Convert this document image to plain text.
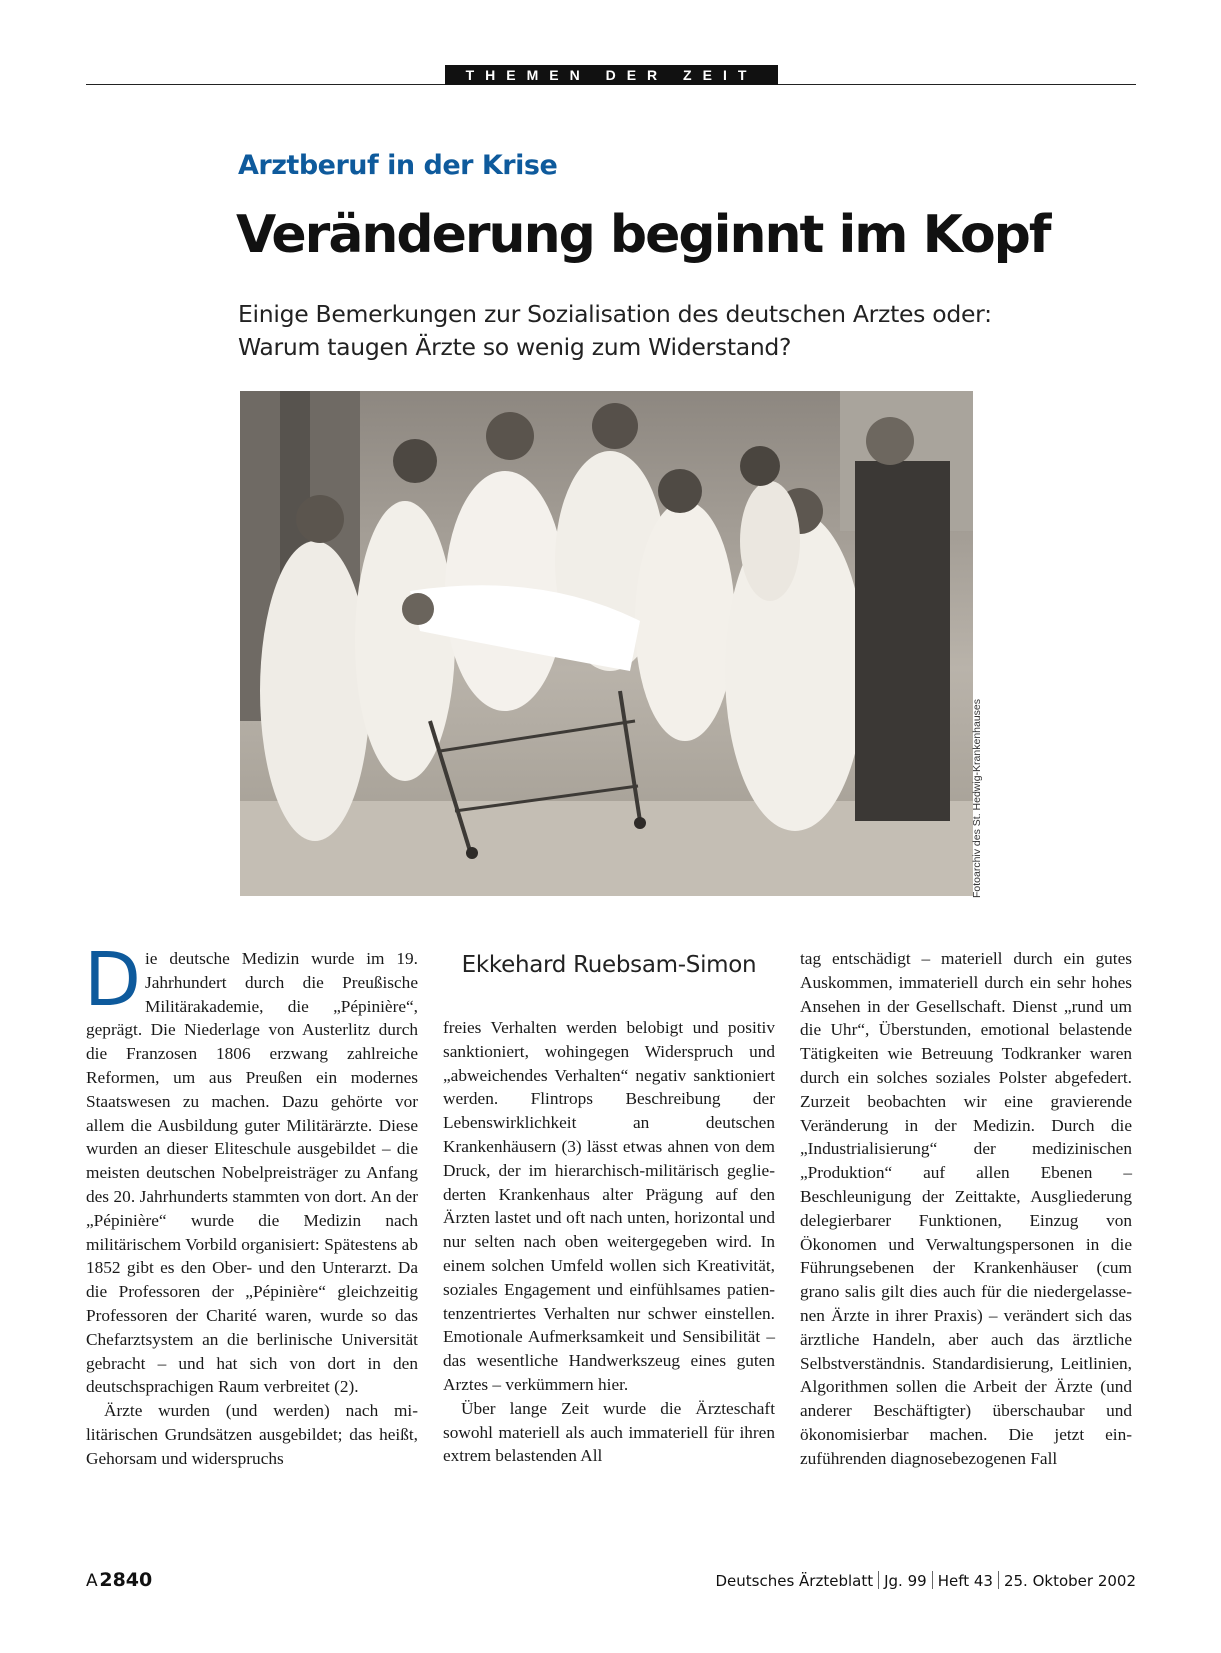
THEMEN DER ZEIT
Arztberuf in der Krise
Veränderung beginnt im Kopf
Einige Bemerkungen zur Sozialisation des deutschen Arztes oder:
Warum taugen Ärzte so wenig zum Widerstand?
Fotoarchiv des St. Hedwig-Krankenhauses

Die deutsche Medizin wurde im 19. Jahrhundert durch die Preußische Militärakademie, die „Pépinière“, geprägt. Die Niederlage von Austerlitz durch die Franzosen 1806 erzwang zahlreiche Reformen, um aus Preußen ein modernes Staatswesen zu machen. Dazu gehörte vor allem die Ausbildung guter Militärärzte. Diese wurden an dieser Eliteschule ausgebildet – die meisten deutschen Nobelpreisträger zu Anfang des 20. Jahrhunderts stammten von dort. An der „Pépinière“ wurde die Medizin nach militärischem Vorbild organisiert: Spätestens ab 1852 gibt es den Ober- und den Unterarzt. Da die Professoren der „Pépinière“ gleichzeitig Professoren der Charité waren, wurde so das Chefarztsystem an die berlinische Universität gebracht – und hat sich von dort in den deutschsprachigen Raum verbreitet (2).

Ärzte wurden (und werden) nach militärischen Grundsätzen ausgebildet; das heißt, Gehorsam und widerspruchs

Ekkehard Ruebsam-Simon

freies Verhalten werden belobigt und positiv sanktioniert, wohingegen Widerspruch und „abweichendes Verhalten“ negativ sanktioniert werden. Flintrops Beschreibung der Lebenswirklichkeit an deutschen Krankenhäusern (3) lässt etwas ahnen von dem Druck, der im hierarchisch-militärisch gegliederten Krankenhaus alter Prägung auf den Ärzten lastet und oft nach unten, horizontal und nur selten nach oben weitergegeben wird. In einem solchen Umfeld wollen sich Kreativität, soziales Engagement und einfühlsames patientenzentriertes Verhalten nur schwer einstellen. Emotionale Aufmerksamkeit und Sensibilität – das wesentliche Handwerkszeug eines guten Arztes – verkümmern hier.

Über lange Zeit wurde die Ärzteschaft sowohl materiell als auch immateriell für ihren extrem belastenden All

tag entschädigt – materiell durch ein gutes Auskommen, immateriell durch ein sehr hohes Ansehen in der Gesellschaft. Dienst „rund um die Uhr“, Überstunden, emotional belastende Tätigkeiten wie Betreuung Todkranker waren durch ein solches soziales Polster abgefedert. Zurzeit beobachten wir eine gravierende Veränderung in der Medizin. Durch die „Industrialisierung“ der medizinischen „Produktion“ auf allen Ebenen – Beschleunigung der Zeittakte, Ausgliederung delegierbarer Funktionen, Einzug von Ökonomen und Verwaltungspersonen in die Führungsebenen der Krankenhäuser (cum grano salis gilt dies auch für die niedergelassenen Ärzte in ihrer Praxis) – verändert sich das ärztliche Handeln, aber auch das ärztliche Selbstverständnis. Standardisierung, Leitlinien, Algorithmen sollen die Arbeit der Ärzte (und anderer Beschäftigter) überschaubar und ökonomisierbar machen. Die jetzt einzuführenden diagnosebezogenen Fall

A 2840	Deutsches Ärzteblatt Jg. 99 Heft 43 25. Oktober 2002
